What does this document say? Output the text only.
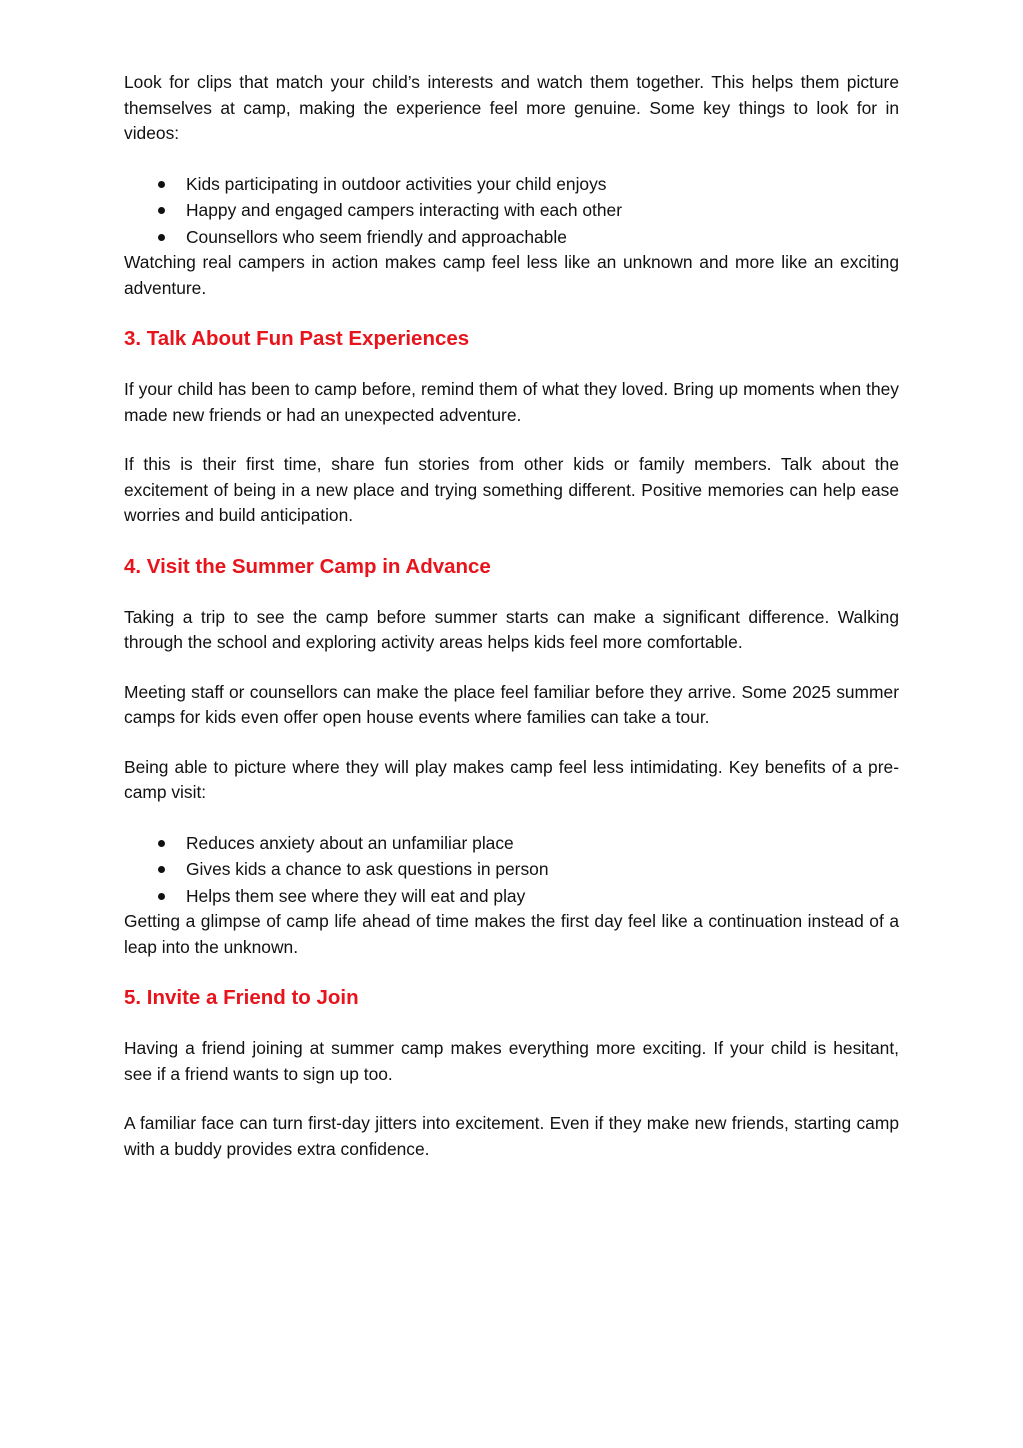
Look for clips that match your child’s interests and watch them together. This helps them picture themselves at camp, making the experience feel more genuine. Some key things to look for in videos:

Kids participating in outdoor activities your child enjoys
Happy and engaged campers interacting with each other
Counsellors who seem friendly and approachable

Watching real campers in action makes camp feel less like an unknown and more like an exciting adventure.

3. Talk About Fun Past Experiences

If your child has been to camp before, remind them of what they loved. Bring up moments when they made new friends or had an unexpected adventure.

If this is their first time, share fun stories from other kids or family members. Talk about the excitement of being in a new place and trying something different. Positive memories can help ease worries and build anticipation.

4. Visit the Summer Camp in Advance

Taking a trip to see the camp before summer starts can make a significant difference. Walking through the school and exploring activity areas helps kids feel more comfortable.

Meeting staff or counsellors can make the place feel familiar before they arrive. Some 2025 summer camps for kids even offer open house events where families can take a tour.

Being able to picture where they will play makes camp feel less intimidating. Key benefits of a pre-camp visit:

Reduces anxiety about an unfamiliar place
Gives kids a chance to ask questions in person
Helps them see where they will eat and play

Getting a glimpse of camp life ahead of time makes the first day feel like a continuation instead of a leap into the unknown.

5. Invite a Friend to Join

Having a friend joining at summer camp makes everything more exciting. If your child is hesitant, see if a friend wants to sign up too.

A familiar face can turn first-day jitters into excitement. Even if they make new friends, starting camp with a buddy provides extra confidence.
